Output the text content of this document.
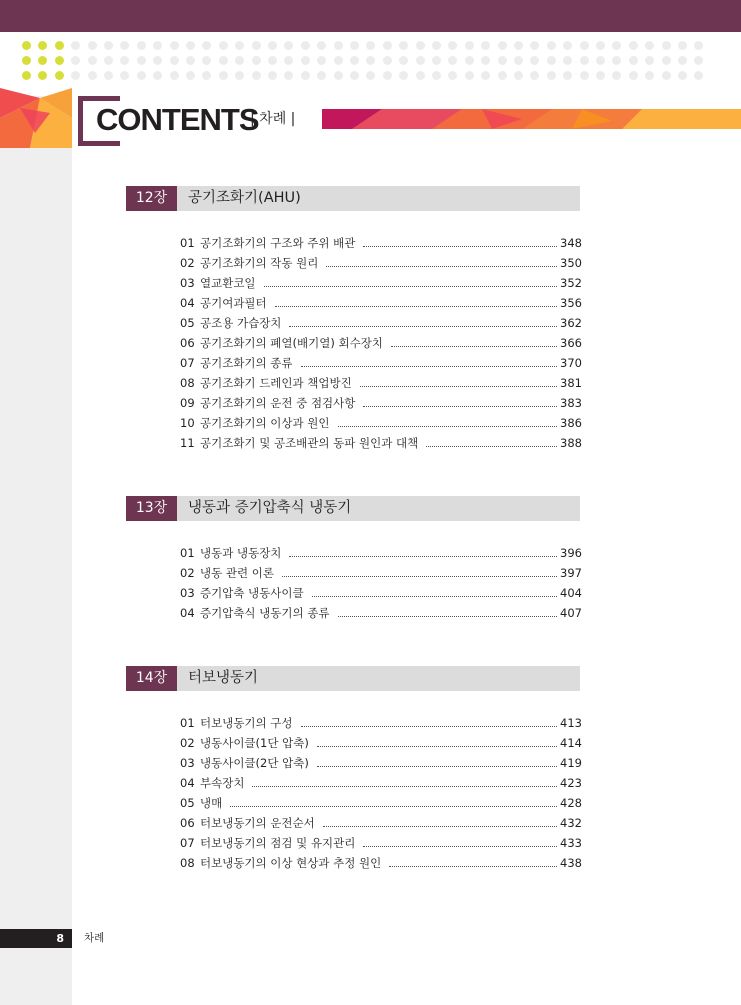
CONTENTS
| 차례 |
12장	공기조화기(AHU)
01 공기조화기의 구조와 주위 배관	348
02 공기조화기의 작동 원리	350
03 열교환코일	352
04 공기여과필터	356
05 공조용 가습장치	362
06 공기조화기의 폐열(배기열) 회수장치	366
07 공기조화기의 종류	370
08 공기조화기 드레인과 책업방진	381
09 공기조화기의 운전 중 점검사항	383
10 공기조화기의 이상과 원인	386
11 공기조화기 및 공조배관의 동파 원인과 대책	388
13장	냉동과 증기압축식 냉동기
01 냉동과 냉동장치	396
02 냉동 관련 이론	397
03 증기압축 냉동사이클	404
04 증기압축식 냉동기의 종류	407
14장	터보냉동기
01 터보냉동기의 구성	413
02 냉동사이클(1단 압축)	414
03 냉동사이클(2단 압축)	419
04 부속장치	423
05 냉매	428
06 터보냉동기의 운전순서	432
07 터보냉동기의 점검 및 유지관리	433
08 터보냉동기의 이상 현상과 추정 원인	438
8 차례
